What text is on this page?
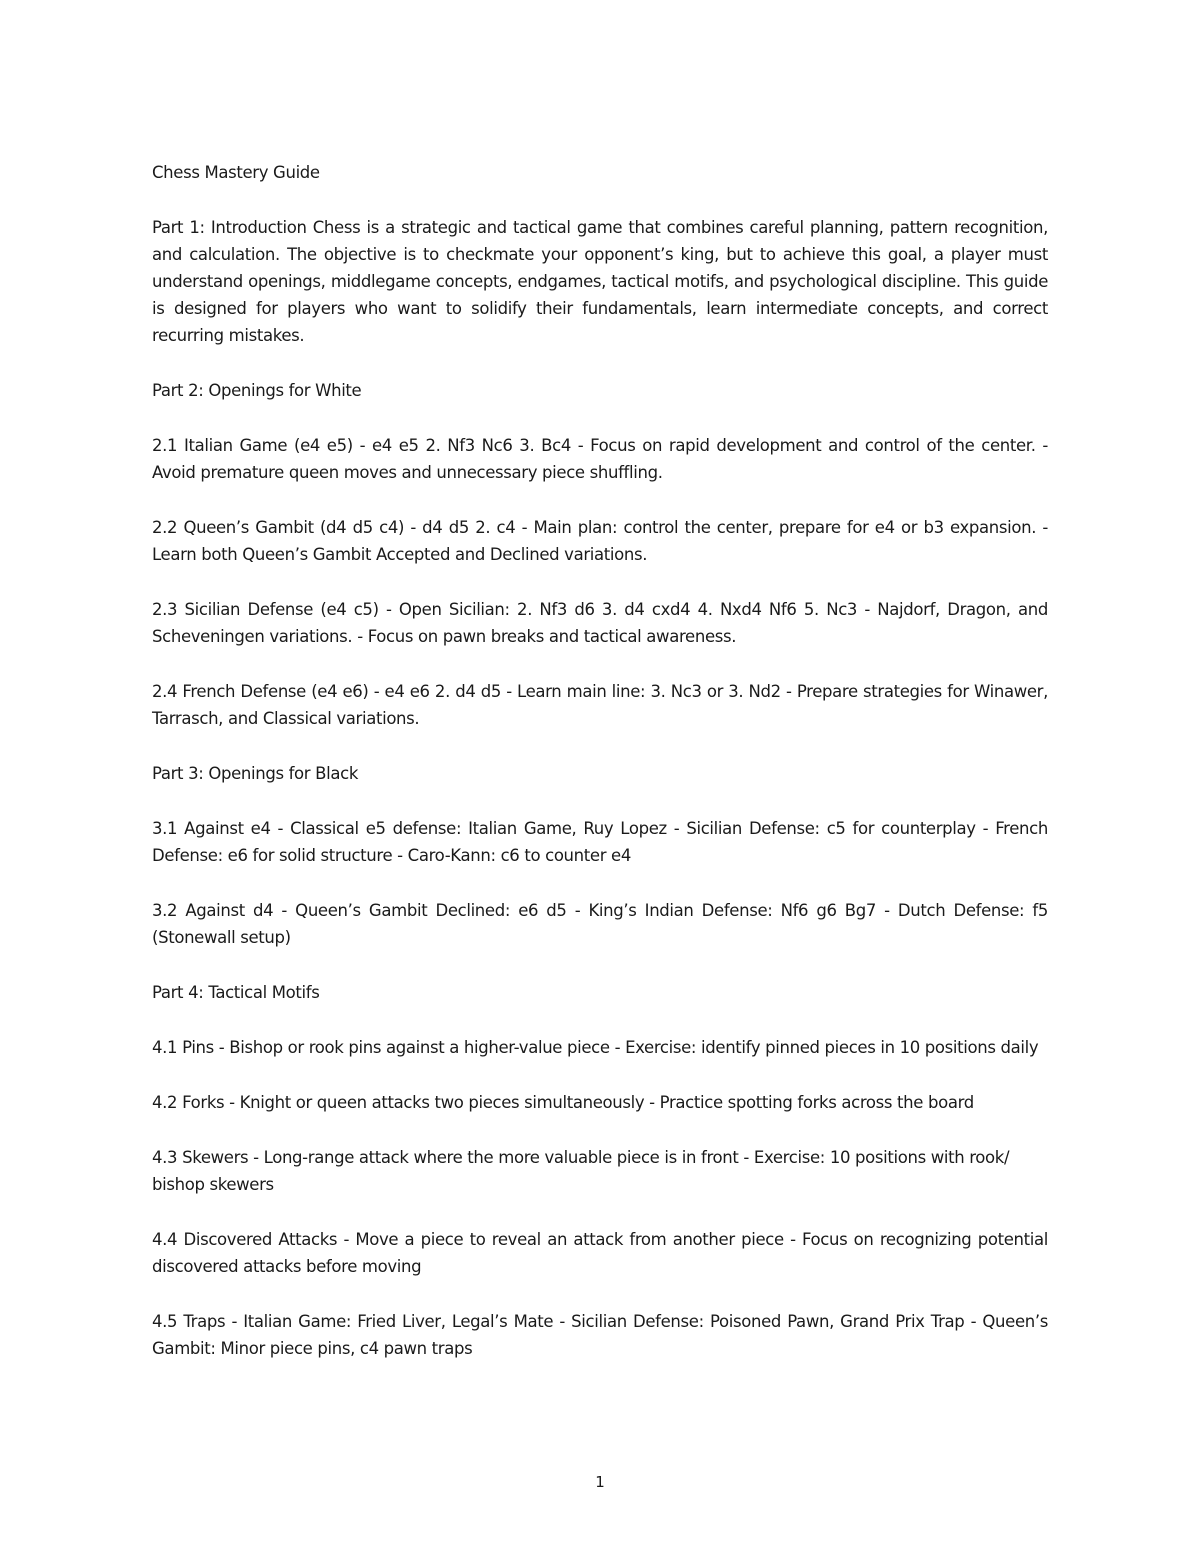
Chess Mastery Guide

Part 1: Introduction Chess is a strategic and tactical game that combines careful planning, pattern recognition, and calculation. The objective is to checkmate your opponent’s king, but to achieve this goal, a player must understand openings, middlegame concepts, endgames, tactical motifs, and psychological discipline. This guide is designed for players who want to solidify their fundamentals, learn intermediate concepts, and correct recurring mistakes.

Part 2: Openings for White

2.1 Italian Game (e4 e5) - e4 e5 2. Nf3 Nc6 3. Bc4 - Focus on rapid development and control of the center. - Avoid premature queen moves and unnecessary piece shuffling.

2.2 Queen’s Gambit (d4 d5 c4) - d4 d5 2. c4 - Main plan: control the center, prepare for e4 or b3 expansion. - Learn both Queen’s Gambit Accepted and Declined variations.

2.3 Sicilian Defense (e4 c5) - Open Sicilian: 2. Nf3 d6 3. d4 cxd4 4. Nxd4 Nf6 5. Nc3 - Najdorf, Dragon, and Scheveningen variations. - Focus on pawn breaks and tactical awareness.

2.4 French Defense (e4 e6) - e4 e6 2. d4 d5 - Learn main line: 3. Nc3 or 3. Nd2 - Prepare strategies for Winawer, Tarrasch, and Classical variations.

Part 3: Openings for Black

3.1 Against e4 - Classical e5 defense: Italian Game, Ruy Lopez - Sicilian Defense: c5 for counterplay - French Defense: e6 for solid structure - Caro-Kann: c6 to counter e4

3.2 Against d4 - Queen’s Gambit Declined: e6 d5 - King’s Indian Defense: Nf6 g6 Bg7 - Dutch Defense: f5 (Stonewall setup)

Part 4: Tactical Motifs

4.1 Pins - Bishop or rook pins against a higher-value piece - Exercise: identify pinned pieces in 10 positions daily

4.2 Forks - Knight or queen attacks two pieces simultaneously - Practice spotting forks across the board

4.3 Skewers - Long-range attack where the more valuable piece is in front - Exercise: 10 positions with rook/ bishop skewers

4.4 Discovered Attacks - Move a piece to reveal an attack from another piece - Focus on recognizing potential discovered attacks before moving

4.5 Traps - Italian Game: Fried Liver, Legal’s Mate - Sicilian Defense: Poisoned Pawn, Grand Prix Trap - Queen’s Gambit: Minor piece pins, c4 pawn traps

1
